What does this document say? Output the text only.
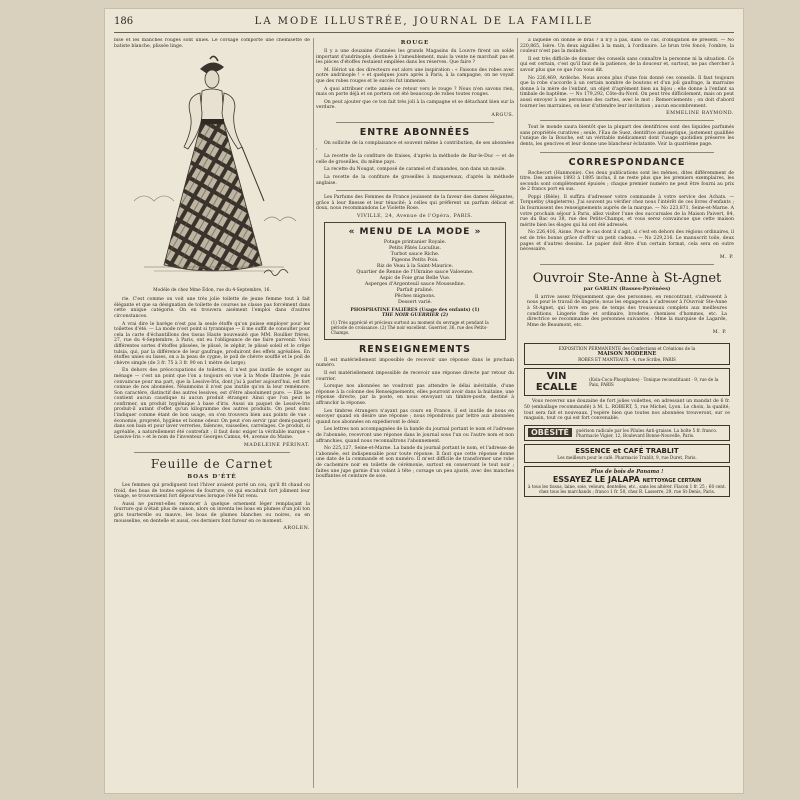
186	LA MODE ILLUSTRÉE, JOURNAL DE LA FAMILLE

bise et les manches rouges sont unies. Le corsage comporte une chemisette de batiste blanche, plissée linge.

Modèle de chez Mme Édon, rue du 4-Septembre, 16.

rie. C'est comme on voit une très jolie toilette de jeune femme tout à fait élégante et que sa désignation de toilette de courses ne classe pas forcément dans cette unique catégorie. On en trouvera aisément l'emploi dans d'autres circonstances.

A vrai dire le barège n'est pas la seule étoffe qu'on puisse employer pour les toilettes d'été. — La mode n'est point si tyrannique — il me suffit de consulter pour cela la carte d'échantillons des tissus Haute nouveauté que MM. Roullier frères, 27, rue du 4-Septembre, à Paris, ont eu l'obligeance de me faire parvenir. Voici différentes sortes d'étoffes plissées, le plissé, le zéphir, le plissé soleil et le crêpe tulsia, qui, par la différence de leur gaufrage, produiront des effets agréables. En étoffes unies ou lisses, on a la peau de cygne, le poil de chèvre soufflé et le poil de chèvre simple (de 3 fr. 75 à 3 fr. 90 en 1 mètre de large).

En dehors des préoccupations de toilettes, il n'est pas inutile de songer au ménage — c'est un point que l'on a toujours en vue à la Mode Illustrée. Je suis convaincue pour ma part, que la Lessive-Iris, dont j'ai à parler aujourd'hui, est fort connue de nos abonnées. Néanmoins il n'est pas inutile qu'on la leur remémore. Son caractère, distinctif des autres lessives, est d'être absolument pure. — Elle ne contient aucun caustique ni aucun produit étranger. Ainsi que l'on peut le confirmer, un produit hygiénique à base d'iris. Aussi un paquet de Lessive-Iris produit-il autant d'effet qu'un kilogramme des autres produits. On peut donc l'indiquer comme étant de bon usage, on s'en trouvera bien aux points de vue : économie, propreté, hygiène et bonne odeur. On peut s'en servir (par demi-paquet) dans son bain et pour laver verreries, faïences, vaisselles, carrelages. Ce produit, si agréable, a naturellement été contrefait ; il faut donc exiger la véritable marque « Lessive-Iris » et le nom de l'inventeur Georges Camus, 44, avenue du Maine.

MADELEINE PÉRINAT.
Feuille de Carnet
BOAS D'ÉTÉ

Les femmes qui prodiguent tout l'hiver avaient porté un cou, qu'il fit chaud ou froid, des boas de toutes espèces de fourrure, ce qui encadrait fort joliment leur visage, se trouveraient fort dépourvues lorsque l'été fut venu.

Aussi ne purent-elles renoncer à quelque ornement léger remplaçant la fourrure qui n'était plus de saison, alors on inventa les boas en plumes d'un joli ton gris tourterelle ou mauve, les boas de plumes blanches ou noires, ou en mousseline, en dentelle et aussi, ces derniers font fureur en ce moment.

AROLEN.
ROUGE

Il y a une douzaine d'années les grands Magasins du Louvre firent un solde important d'andrinople, destinée à l'ameublement, mais la vente ne marchait pas et les pièces d'étoffes restaient empilées dans les réserves. Que faire ?

M. Hériot un des directeurs eut alors une inspiration : « Faisons des robes avec notre andrinople ! » et quelques jours après à Paris, à la campagne, on ne voyait que des robes rouges et le succès fut immense.

A quoi attribuer cette année ce retour vers le rouge ? Nous n'en savons rien, mais on porte déjà et on portera cet été beaucoup de robes toutes rouges.

On peut ajouter que ce ton fait très joli à la campagne et se détachant bien sur la verdure.

ARGUS.
ENTRE ABONNÉES

On sollicite de la complaisance et souvent même à contribution, de ses abonnées :

La recette de la confiture de fraises, d'après la méthode de Bar-le-Duc — et de celle de groseilles, du même pays.

La recette du Nougat, composé de caramel et d'amandes, non dans un moule.

La recette de la confiture de groseilles à maquereaux, d'après la méthode anglaise.

Les Parfums des Femmes de France jouissent de la faveur des dames élégantes, grâce à leur finesse et leur ténacité; à celles qui préfèrent un parfum délicat et doux, nous recommandons Le Violette Rose.

VIVILLE, 24, Avenue de l'Opéra, PARIS.
« MENU DE LA MODE »
Potage printanier Royale.
Petits Pâtés Lucullus.
Turbot sauce Riche.
Pigeons Petits Pois.
Riz de Veau à la Saint-Maurice.
Quartier de Renne de l'Ukraine sauce Valoeune.
Aspic de Foie gras Belle Vue.
Asperges d'Argenteuil sauce Mousseline.
Parfait praliné.
Pêches mignons.
Dessert varié.
PHOSPHATINE FALIÈRES (Usage des enfants) (1)
THE NOIR GUERRIER (2)
(1) Très apprécié et précieux surtout au moment du sevrage et pendant la période de croissance. (2) Thé noir excellent. Guerrier, 36, rue des Petits-Champs.
RENSEIGNEMENTS

Il est matériellement impossible de recevoir une réponse dans le prochain numéro.

Il est matériellement impossible de recevoir une réponse directe par retour du courrier.

Lorsque nos abonnées ne voudront pas attendre le délai inévitable, d'une réponse à la colonne des Renseignements, elles pourront avoir dans la huitaine, une réponse directe, par la poste, en nous envoyant un timbre-poste, destiné à affranchir la réponse.

Les timbres étrangers n'ayant pas cours en France, il est inutile de nous en envoyer quand on désire une réponse ; nous répondrons par lettre aux abonnées quand nos abonnées en expédieront le désir.

Les lettres non accompagnées de la bande du journal portant le nom et l'adresse de l'abonnée, recevront une réponse dans le journal sous l'un ou l'autre nom et non affranchies, quand nous reconnaîtrons l'abonnement.

No 225,127, Seine-et-Marne. La bande du journal portant le nom, et l'adresse de l'abonnée, est indispensable pour toute réponse. Il faut que cette réponse donne une date de la commande et son numéro. Il m'est difficile de transformer une robe de cachemire noir en toilette de cérémonie, surtout en conservant le tout noir ; faites une jupe garnie d'un volant à tête ; corsage un peu ajusté, avec des manches bouffantes et ceinture de soie.

à laquelle on donne le bras ? il n'y a pas, dans ce cas, d'obligation de présent. — No 220,865, Isère. Un deux aiguilles à la main, à l'ordinaire. Le brun très foncé, l'ombre, la couleur n'est pas la moindre.

Il est très difficile de donner des conseils sans connaître la personne ni la situation. Ce qui est certain, c'est qu'il faut de la patience, de la douceur et, surtout, ne pas chercher à savoir plus que ce que l'on vous dit.

No 226,469, Ardèche. Nous avons plus d'une fois donné ces conseils. Il faut toujours que la robe s'accorde à un certain nombre de boutons et d'un joli gaufrage, la marraine donne à la mère de l'enfant, un objet d'agrément bien au bijou ; elle donne à l'enfant sa timbale de baptême. — No 179,292, Côte-du-Nord. On peut très difficilement, mais on peut aussi envoyer à ses personnes des cartes, avec le mot : Remerciements ; on doit d'abord tourner les marraines, on leur d'attendre leur invitation ; aucun encombrement.

EMMELINE RAYMOND.

Tout le monde saura bientôt que la plupart des dentifrices sont des liquides parfumés sans propriétés curatives ; seule, l'Eau de Suez, dentifrice antiseptique, justement qualifiée l'unique de la Bouche, est un véritable médicament dont l'usage quotidien préserve les dents, les gencives et leur donne une blancheur éclatante. Voir la quatrième page.

CORRESPONDANCE

Rochecort (Hanmonie). Ces deux publications sont les mêmes, dites différemment de titre. Des années 1893 à 1895 inclus, il ne reste plus que les premiers exemplaires, les seconds sont complètement épuisés ; chaque premier numéro ne peut être fourni au prix de 2 francs port en sus.

Poppi (Bièle). Il suffira d'adresser votre commande à votre service des Achats. — Torquetby (Angleterre). J'ai souvent pu vérifier chez nous l'intérêt de ces livres d'enfants ; ils fournissent des renseignements auprès de la marque. — No 223,871, Seine-et-Marne. A votre prochain séjour à Paris, allez visiter l'une des succursales de la Maison Paivert, 84, rue du Bac ou 38, rue des Petits-Champs, et vous serez convaincue que cette maison mérite bien les éloges qui lui ont été adressés.

No 226,416, Aisne. Pour le cas dont il s'agit, si c'est en dehors des régions ordinaires, il est de très bonne grâce d'offrir un petit cadeau. — No 229,216. Le manuscrit toile, deux pages et d'autres dessins. Le papier doit être d'un certain format, cela sera en outre nécessaire.

M. P.
Ouvroir Ste-Anne à St-Agnet
par GARLIN (Basses-Pyrénées)

Il arrive assez fréquemment que des personnes, en rencontrant, s'adressent à nous pour le travail de lingerie; nous les engageons à s'adresser à l'Ouvroir Ste-Anne à St-Agnet, qui livre en peu de temps des trousseaux complets aux meilleures conditions. Lingerie fine et ordinaire, broderie, chemises d'hommes, etc. La directrice se recommande des personnes suivantes : Mme la marquise de Lagarde, Mme de Beaumont, etc.

M. P.
EXPOSITION PERMANENTE des Confections et Créations de la
MAISON MODERNE
ROBES ET MANTEAUX · 4, rue Scribe, PARIS
VIN ECALLE
(Kola-Coca-Phosphates) · Tonique reconstituant · 9, rue de la Paix, PARIS

Vous recevrez une douzaine de fort jolies voilettes, en adressant un mandat de 6 fr. 50 (emballage recommandé) à M. L. ROBERT, 5, rue Michel, Lyon. Le choix, la qualité, tout sera fait et nouveaux. J'espère bien que toutes nos abonnées trouveront, sur ce magasin, tout ce qui est fort convenable.

OBÉSITÉ	guérison radicale par les Pilules Anti-graisse. La boîte 5 fr. franco. Pharmacie Vigier, 12, Boulevard Bonne-Nouvelle, Paris.
ESSENCE et CAFÉ TRABLIT
Les meilleurs pour le café. Pharmacie Trablit, 9, rue Duret, Paris.
Plus de bois de Panama !
ESSAYEZ LE JALAPA NETTOYAGE CERTAIN
à tous les tissus, laine, soie, velours, dentelles, etc., sans les altérer. Flacon 1 fr. 25 ; 60 cent. chez tous les marchands ; franco 1 fr. 50, chez R. Lasserre, 29, rue St-Denis, Paris.
